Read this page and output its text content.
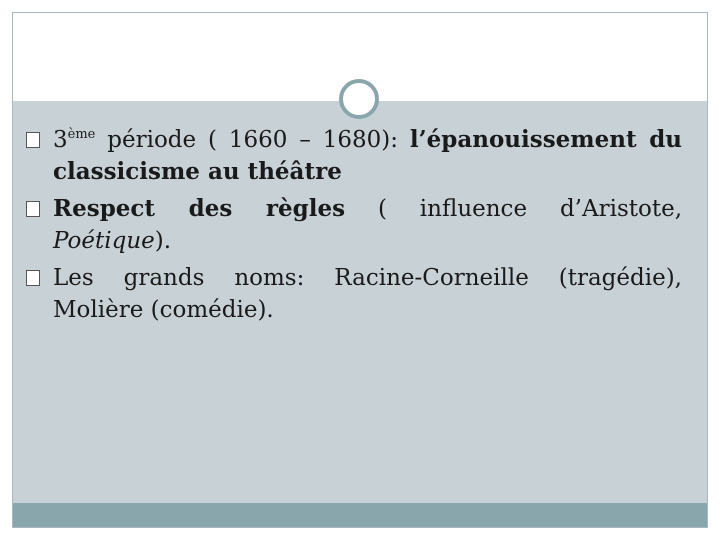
3ème période ( 1660 – 1680): l’épanouissement du
classicisme au théâtre
Respect des règles ( influence d’Aristote,
Poétique).
Les grands noms: Racine-Corneille (tragédie),
Molière (comédie).
